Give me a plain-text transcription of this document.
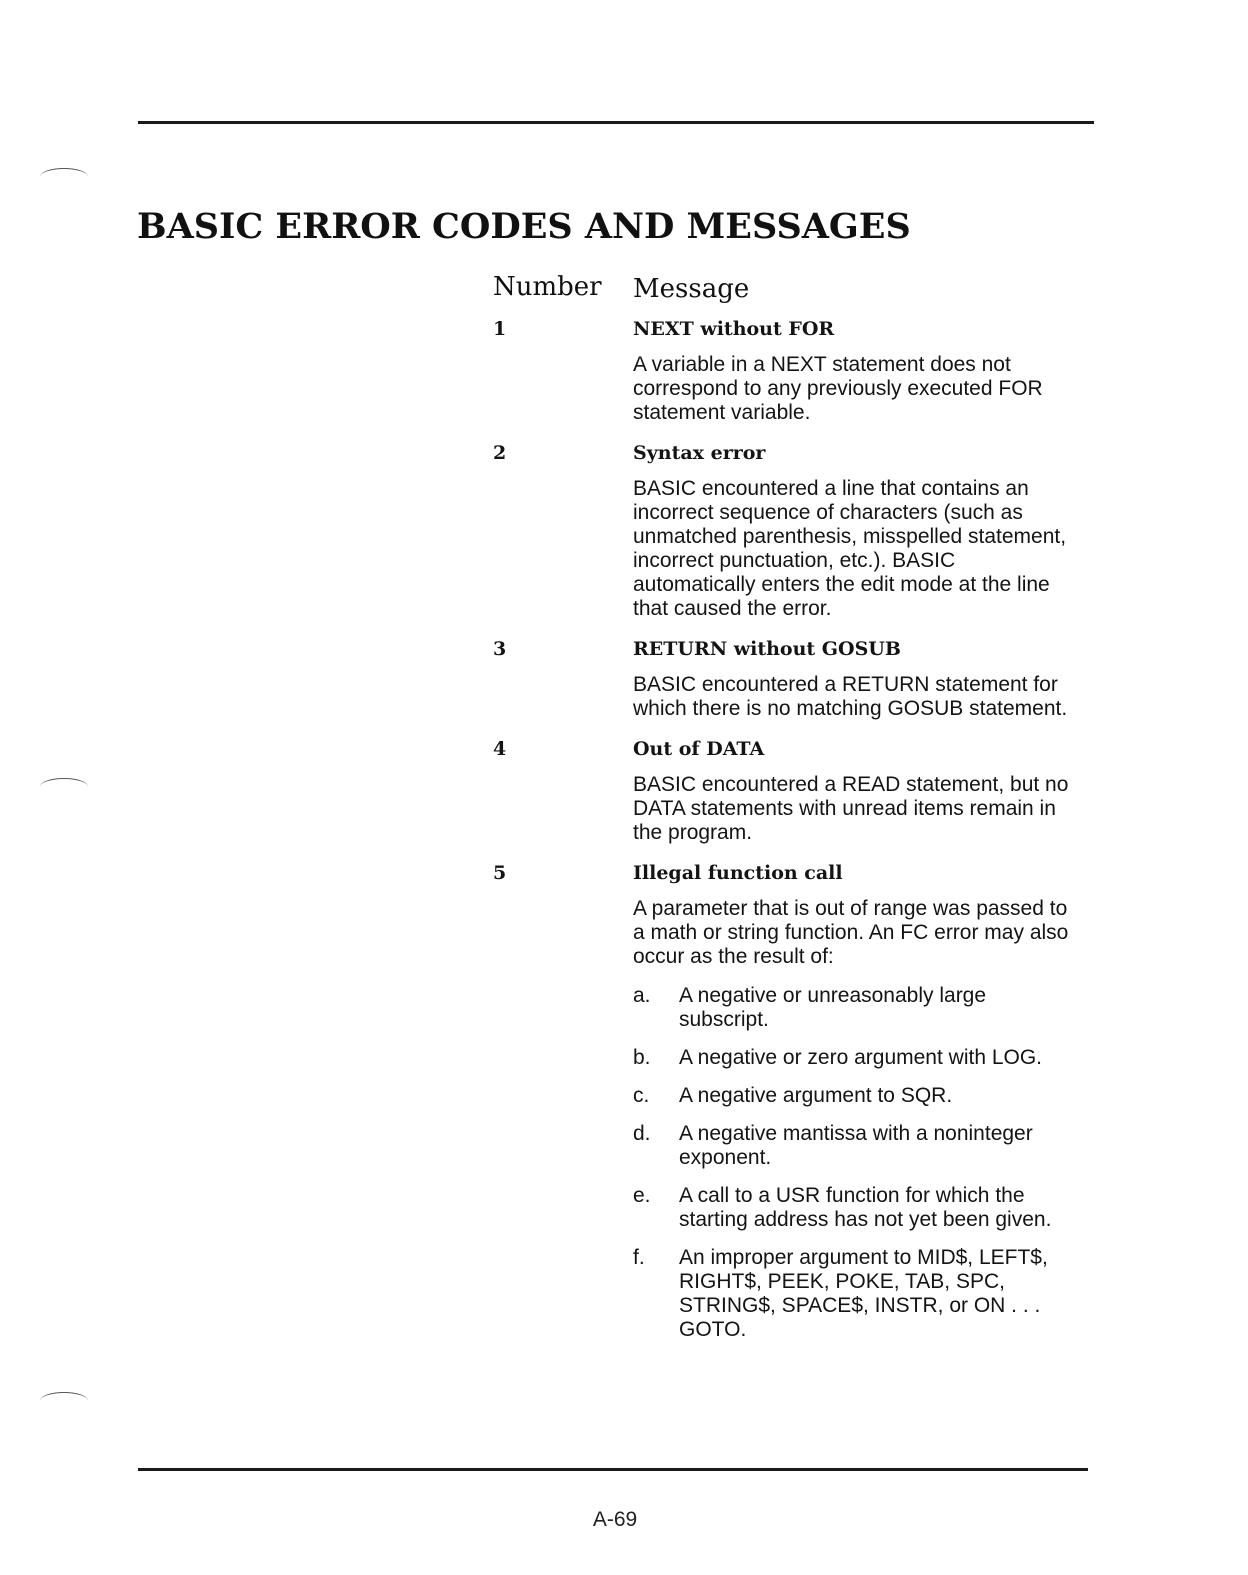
BASIC ERROR CODES AND MESSAGES
Number Message
1	NEXT without FOR
A variable in a NEXT statement does not correspond to any previously executed FOR statement variable.
2	Syntax error
BASIC encountered a line that contains an incorrect sequence of characters (such as unmatched parenthesis, misspelled statement, incorrect punctuation, etc.). BASIC automatically enters the edit mode at the line that caused the error.
3	RETURN without GOSUB
BASIC encountered a RETURN statement for which there is no matching GOSUB statement.
4	Out of DATA
BASIC encountered a READ statement, but no DATA statements with unread items remain in the program.
5	Illegal function call
A parameter that is out of range was passed to a math or string function. An FC error may also occur as the result of:
a. A negative or unreasonably large subscript.
b. A negative or zero argument with LOG.
c. A negative argument to SQR.
d. A negative mantissa with a noninteger exponent.
e. A call to a USR function for which the starting address has not yet been given.
f. An improper argument to MID$, LEFT$, RIGHT$, PEEK, POKE, TAB, SPC, STRING$, SPACE$, INSTR, or ON . . . GOTO.
A-69
